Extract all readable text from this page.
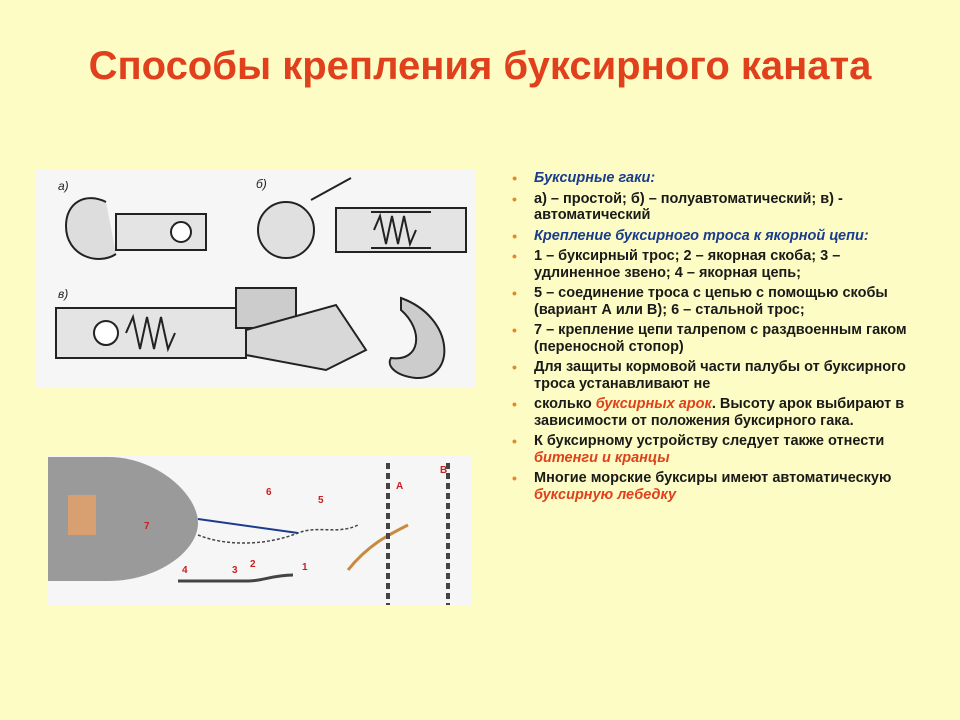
Способы крепления буксирного каната
а)	б)
в)
1
2
3
4
5
6
7
А
В
• Буксирные гаки:
• а) – простой; б) – полуавтоматический; в) - автоматический
• Крепление буксирного троса к якорной цепи:
• 1 – буксирный трос; 2 – якорная скоба; 3 – удлиненное звено; 4 – якорная цепь;
• 5 – соединение троса с цепью с помощью скобы (вариант А или В); 6 – стальной трос;
• 7 – крепление цепи талрепом с раздвоенным гаком (переносной стопор)
• Для защиты кормовой части палубы от буксирного троса устанавливают не
• сколько буксирных арок. Высоту арок выбирают в зависимости от положения буксирного гака.
• К буксирному устройству следует также отнести битенги и кранцы
• Многие морские буксиры имеют автоматическую буксирную лебедку
